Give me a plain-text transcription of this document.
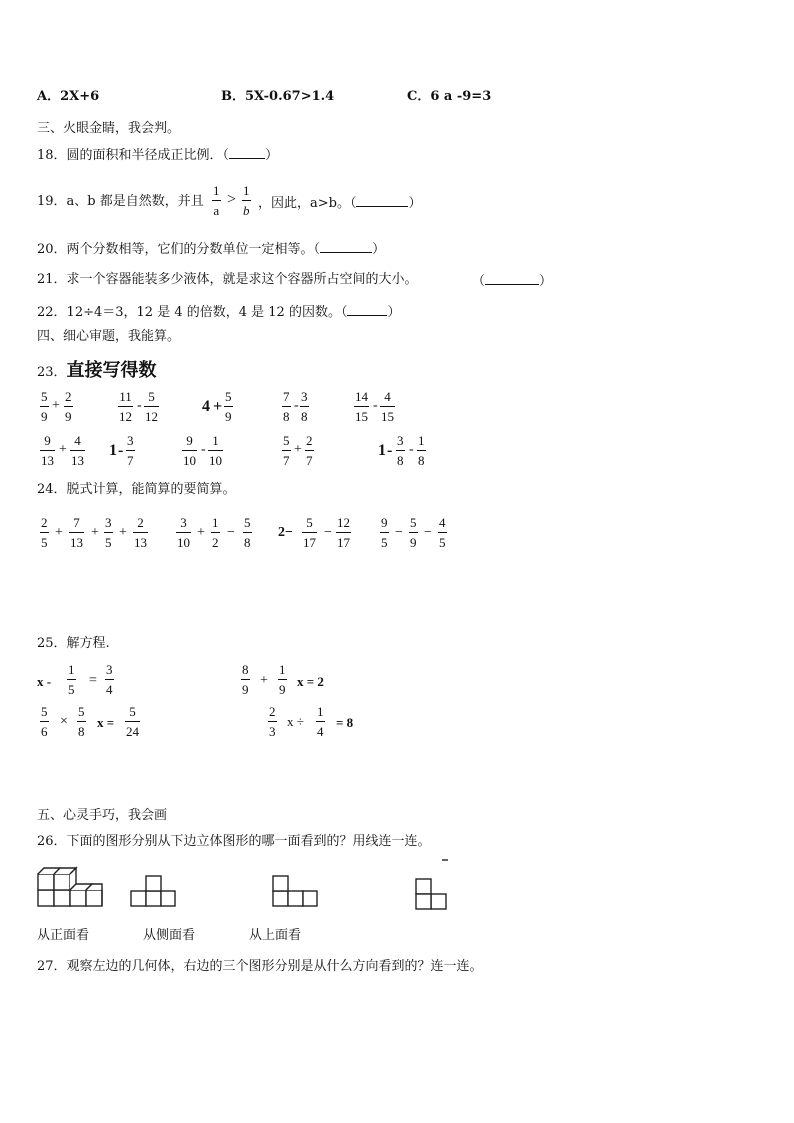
A．2X+6	B．5X-0.67>1.4	C．6 a -9=3
三、火眼金睛，我会判。
18．圆的面积和半径成正比例．（	）
19．a、b 都是自然数，并且
1
a
>
1
b ，因此，a>b。（	）
20．两个分数相等，它们的分数单位一定相等。（	）
21．求一个容器能装多少液体，就是求这个容器所占空间的大小。	（	）
22．12÷4＝3，12 是 4 的倍数，4 是 12 的因数。（	）
四、细心审题，我能算。
23．直接写得数
5
9
+
2
9
11
12
-
5
12
4 +
5
9
7
8
-
3
8
14
15
-
4
15
9
13
+
4
13
1 -
3
7
9
10
-
1
10
5
7
+
2
7
1 -
3
8
-
1
8
24．脱式计算，能简算的要简算。
2
5
+
7
13
+
3
5
+
2
13
3
10
+
1
2
−
5
8
2−
5
17
−
12
17
9
5
−
5
9
−
4
5
25．解方程.
x -
1
5
=
3
4
8
9
+
1
9
x = 2
5
6
×
5
8
x =
5
24
2
3
x ÷
1
4
= 8
五、心灵手巧，我会画
26．下面的图形分别从下边立体图形的哪一面看到的？用线连一连。
从正面看	从侧面看	从上面看
27．观察左边的几何体，右边的三个图形分别是从什么方向看到的？连一连。
